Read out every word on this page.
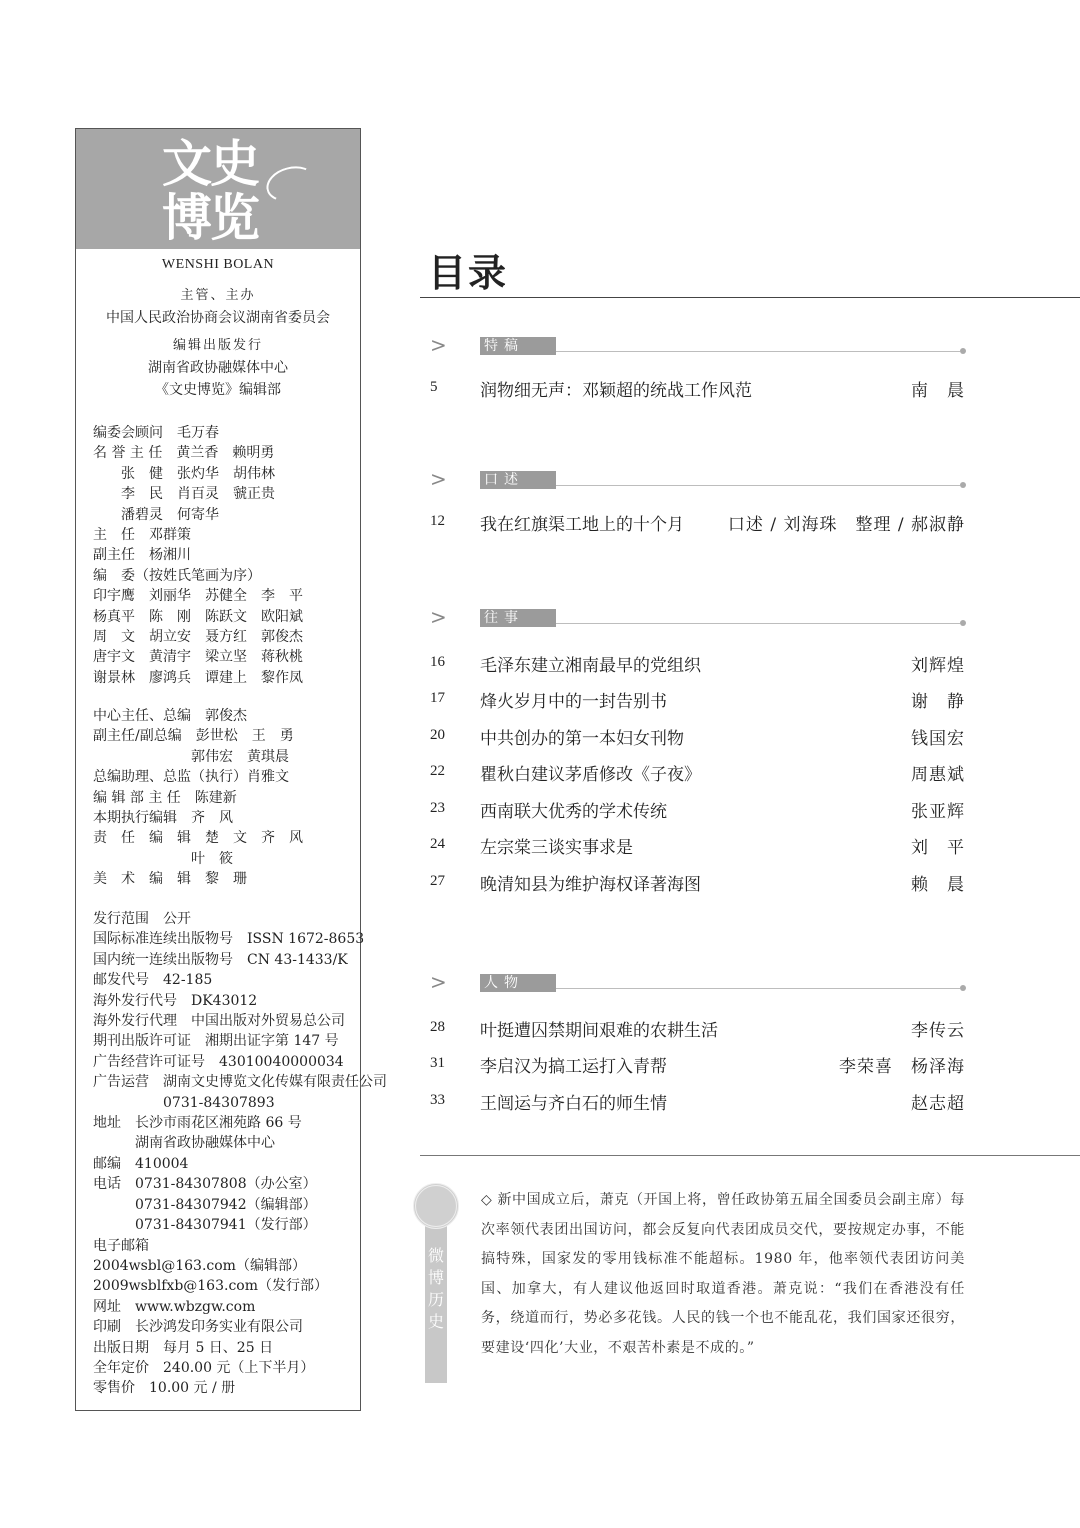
文史
博览
WENSHI BOLAN
主管、主办
中国人民政治协商会议湖南省委员会
编辑出版发行
湖南省政协融媒体中心
《文史博览》编辑部
编委会顾问　毛万春
名 誉 主 任　黄兰香　赖明勇
　　张　健　张灼华　胡伟林
　　李　民　肖百灵　虢正贵
　　潘碧灵　何寄华
主　任　邓群策
副主任　杨湘川
编　委（按姓氏笔画为序）
印宇鹰　刘丽华　苏健全　李　平
杨真平　陈　刚　陈跃文　欧阳斌
周　文　胡立安　聂方红　郭俊杰
唐宇文　黄清宇　梁立坚　蒋秋桃
谢景林　廖鸿兵　谭建上　黎作凤
中心主任、总编　郭俊杰
副主任/副总编　彭世松　王　勇
　　　　　　　郭伟宏　黄琪晨
总编助理、总监（执行）肖雅文
编 辑 部 主 任　陈建新
本期执行编辑　齐　风
责　任　编　辑　楚　文　齐　风
　　　　　　　叶　筱
美　术　编　辑　黎　珊
发行范围　公开
国际标准连续出版物号　ISSN 1672-8653
国内统一连续出版物号　CN 43-1433/K
邮发代号　42-185
海外发行代号　DK43012
海外发行代理　中国出版对外贸易总公司
期刊出版许可证　湘期出证字第 147 号
广告经营许可证号　43010040000034
广告运营　湖南文史博览文化传媒有限责任公司
　　　　　0731-84307893
地址　长沙市雨花区湘苑路 66 号
　　　湖南省政协融媒体中心
邮编　410004
电话　0731-84307808（办公室）
　　　0731-84307942（编辑部）
　　　0731-84307941（发行部）
电子邮箱
2004wsbl@163.com（编辑部）
2009wsblfxb@163.com（发行部）
网址　www.wbzgw.com
印刷　长沙鸿发印务实业有限公司
出版日期　每月 5 日、25 日
全年定价　240.00 元（上下半月）
零售价　10.00 元 / 册
目录
>	特稿
5	润物细无声：邓颖超的统战工作风范	南　晨
>	口述
12 我在红旗渠工地上的十个月	口述 / 刘海珠　整理 / 郝淑静
>	往事
16 毛泽东建立湘南最早的党组织	刘辉煌
17 烽火岁月中的一封告别书	谢　静
20 中共创办的第一本妇女刊物	钱国宏
22 瞿秋白建议茅盾修改《子夜》	周惠斌
23 西南联大优秀的学术传统	张亚辉
24 左宗棠三谈实事求是	刘　平
27 晚清知县为维护海权译著海图	赖　晨
>	人物
28 叶挺遭囚禁期间艰难的农耕生活	李传云
31 李启汉为搞工运打入青帮	李荣喜　杨泽海
33 王闿运与齐白石的师生情	赵志超
微博历史
◇ 新中国成立后，萧克（开国上将，曾任政协第五届全国委员会副主席）每次率领代表团出国访问，都会反复向代表团成员交代，要按规定办事，不能搞特殊，国家发的零用钱标准不能超标。1980 年，他率领代表团访问美国、加拿大，有人建议他返回时取道香港。萧克说：“我们在香港没有任务，绕道而行，势必多花钱。人民的钱一个也不能乱花，我们国家还很穷，要建设‘四化’大业，不艰苦朴素是不成的。”
